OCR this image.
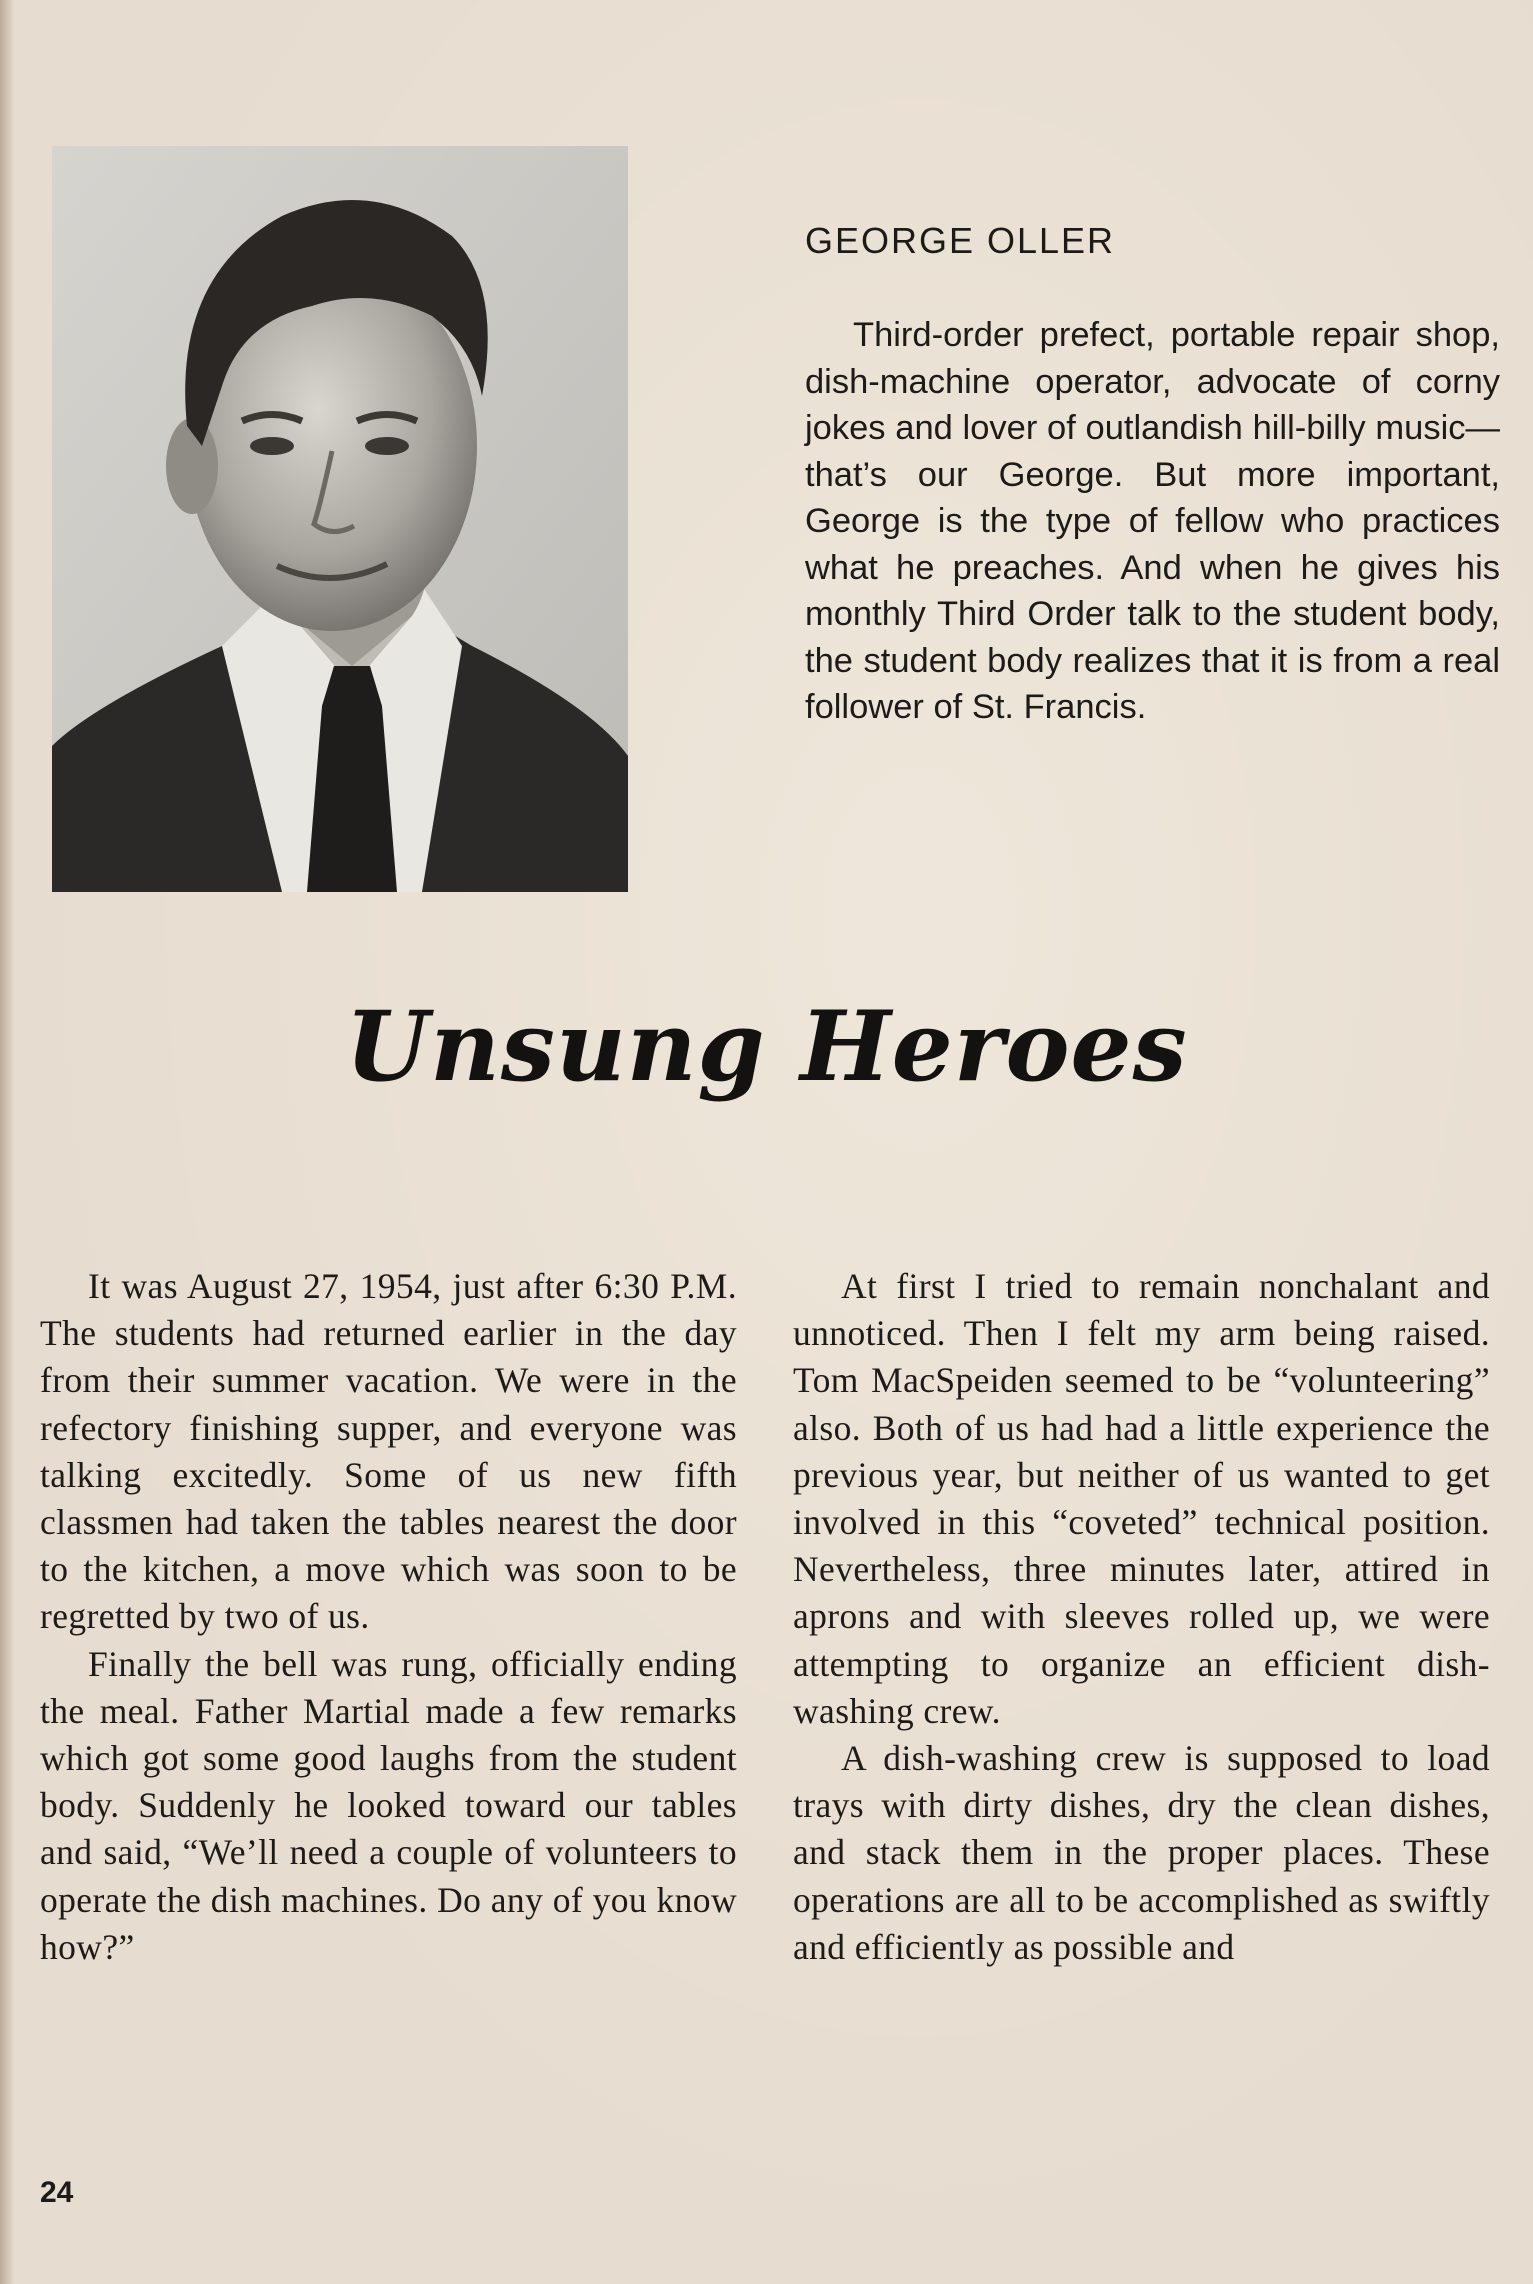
GEORGE OLLER
Third-order prefect, portable repair shop, dish-machine operator, advocate of corny jokes and lover of outlandish hill-billy music—that’s our George. But more important, George is the type of fellow who practices what he preaches. And when he gives his monthly Third Order talk to the student body, the student body realizes that it is from a real follower of St. Francis.
Unsung Heroes

It was August 27, 1954, just after 6:30 P.M. The students had returned earlier in the day from their summer vacation. We were in the refectory finishing supper, and everyone was talking excitedly. Some of us new fifth classmen had taken the tables nearest the door to the kitchen, a move which was soon to be regretted by two of us.

Finally the bell was rung, officially ending the meal. Father Martial made a few remarks which got some good laughs from the student body. Suddenly he looked toward our tables and said, “We’ll need a couple of volunteers to operate the dish machines. Do any of you know how?”

At first I tried to remain nonchalant and unnoticed. Then I felt my arm being raised. Tom MacSpeiden seemed to be “volunteering” also. Both of us had had a little experience the previous year, but neither of us wanted to get involved in this “coveted” technical position. Nevertheless, three minutes later, attired in aprons and with sleeves rolled up, we were attempting to organize an efficient dish-washing crew.

A dish-washing crew is supposed to load trays with dirty dishes, dry the clean dishes, and stack them in the proper places. These operations are all to be accomplished as swiftly and efficiently as possible and

24
